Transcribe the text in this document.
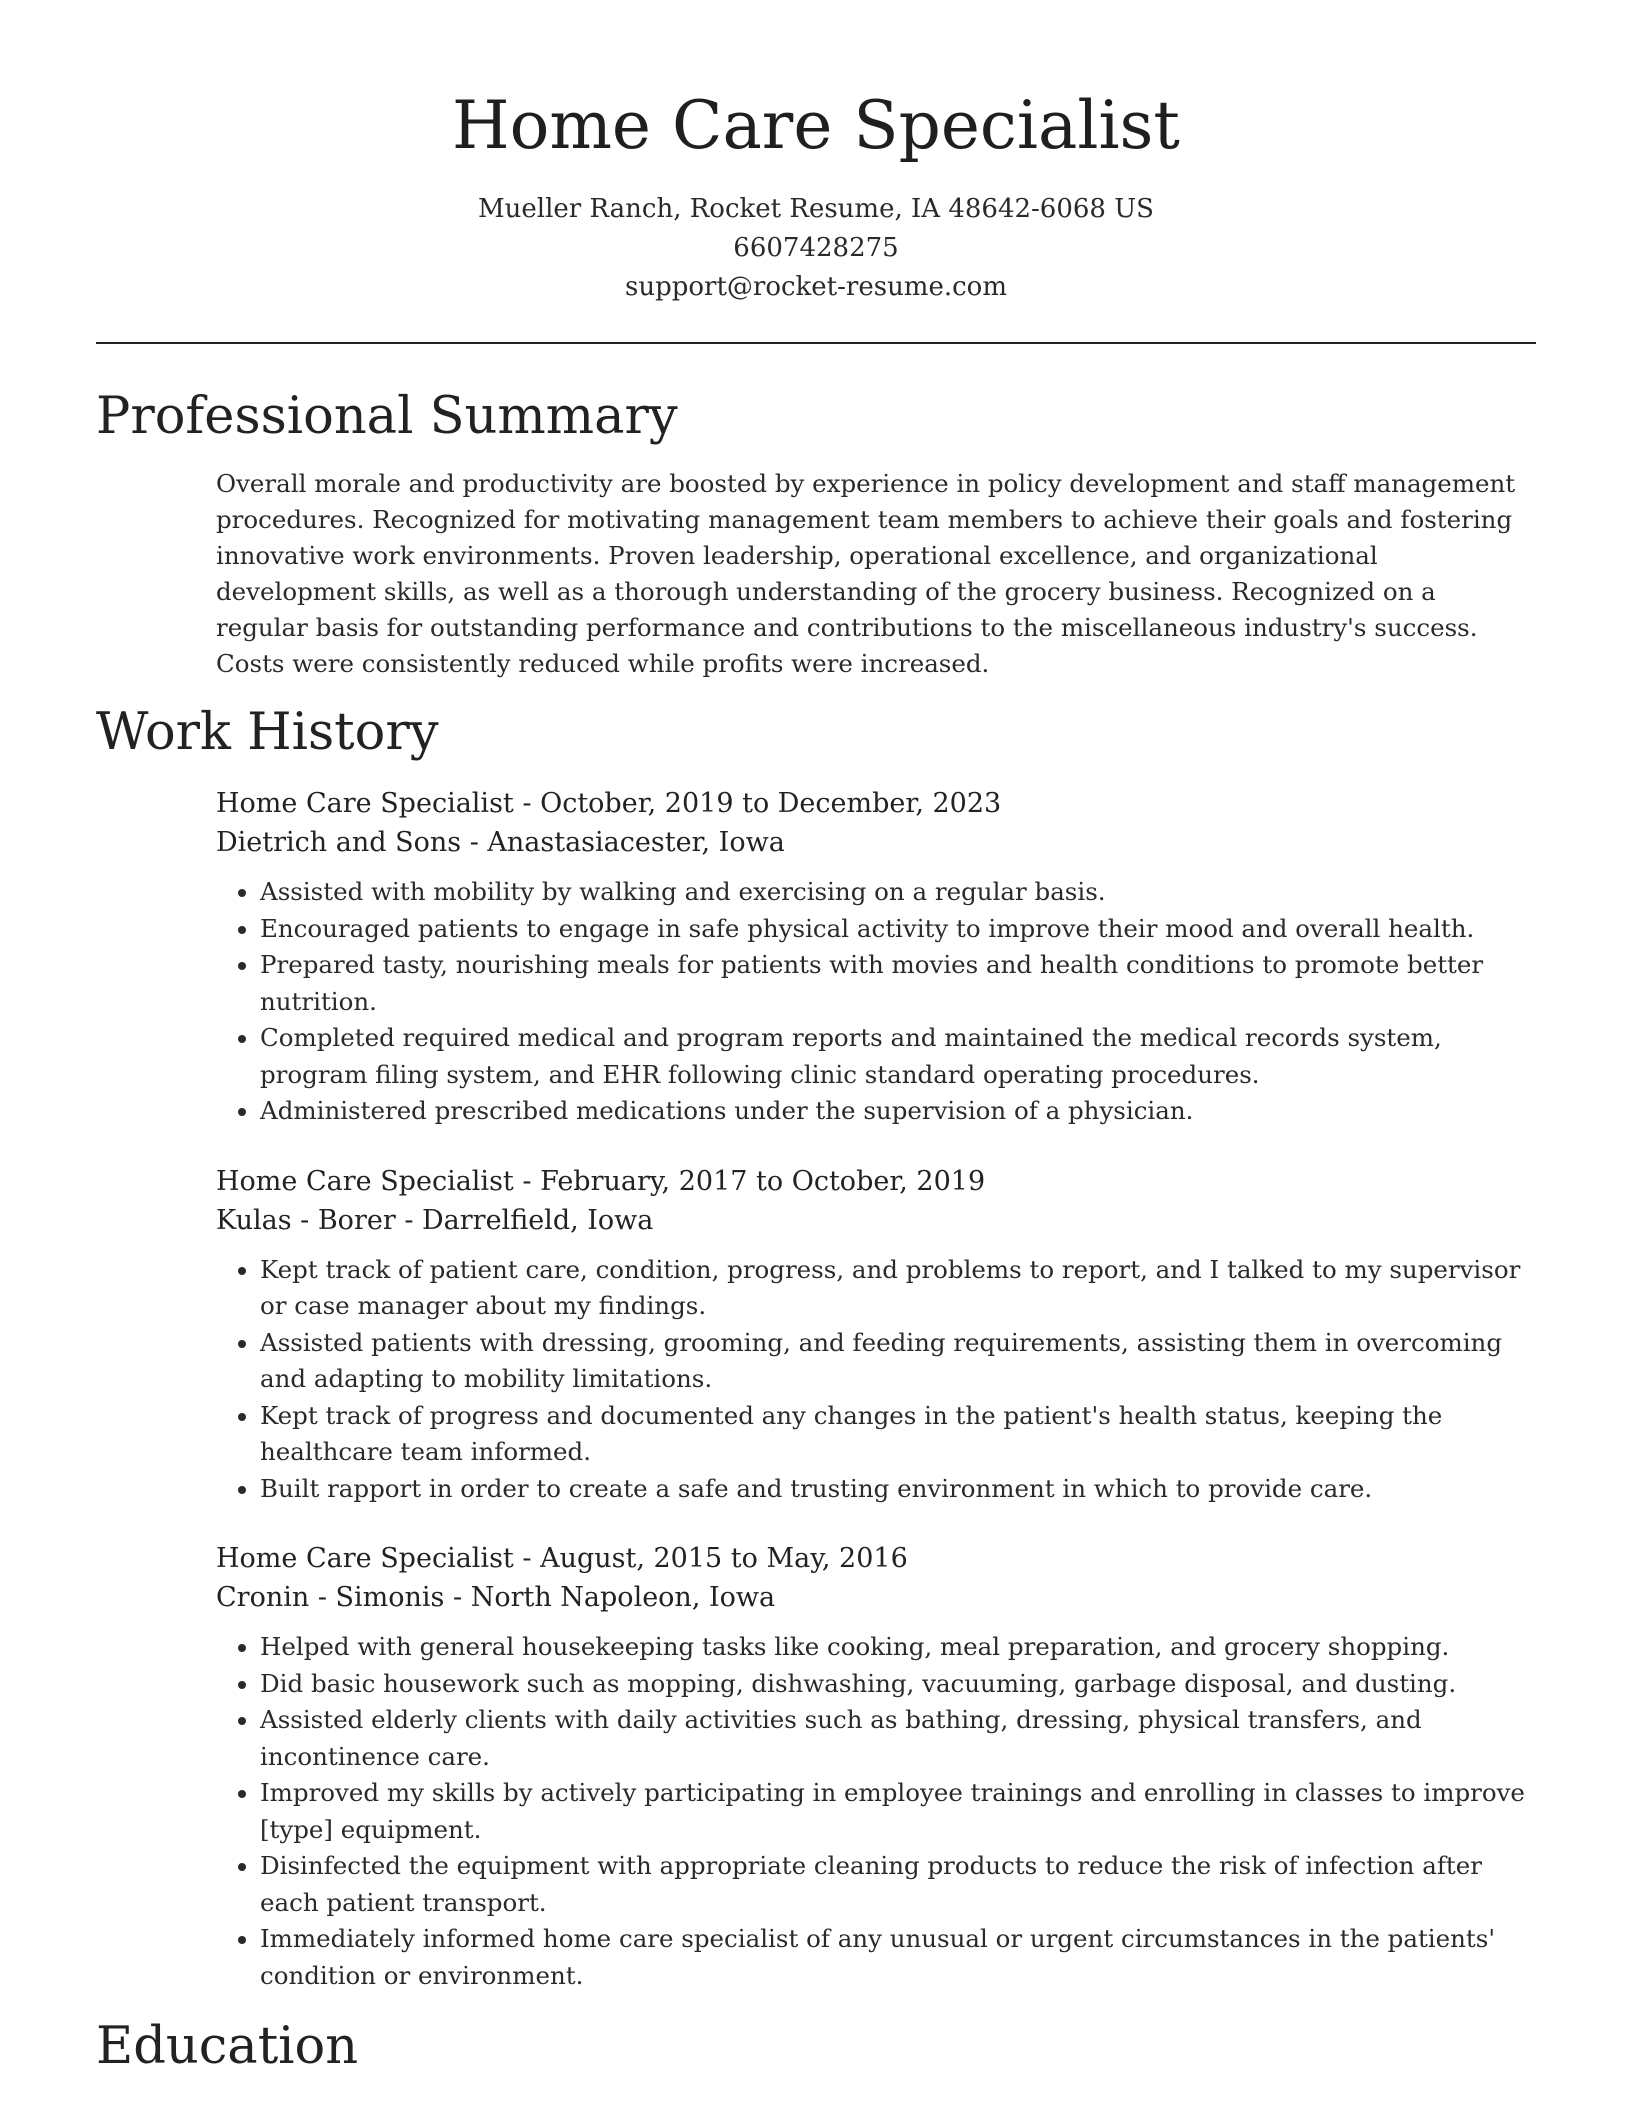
Home Care Specialist
Mueller Ranch, Rocket Resume, IA 48642-6068 US
6607428275
support@rocket-resume.com
Professional Summary

Overall morale and productivity are boosted by experience in policy development and staff management procedures. Recognized for motivating management team members to achieve their goals and fostering innovative work environments. Proven leadership, operational excellence, and organizational development skills, as well as a thorough understanding of the grocery business. Recognized on a regular basis for outstanding performance and contributions to the miscellaneous industry's success. Costs were consistently reduced while profits were increased.

Work History
Home Care Specialist - October, 2019 to December, 2023
Dietrich and Sons - Anastasiacester, Iowa
• Assisted with mobility by walking and exercising on a regular basis.
• Encouraged patients to engage in safe physical activity to improve their mood and overall health.
• Prepared tasty, nourishing meals for patients with movies and health conditions to promote better nutrition.
• Completed required medical and program reports and maintained the medical records system, program filing system, and EHR following clinic standard operating procedures.
• Administered prescribed medications under the supervision of a physician.
Home Care Specialist - February, 2017 to October, 2019
Kulas - Borer - Darrelfield, Iowa
• Kept track of patient care, condition, progress, and problems to report, and I talked to my supervisor or case manager about my findings.
• Assisted patients with dressing, grooming, and feeding requirements, assisting them in overcoming and adapting to mobility limitations.
• Kept track of progress and documented any changes in the patient's health status, keeping the healthcare team informed.
• Built rapport in order to create a safe and trusting environment in which to provide care.
Home Care Specialist - August, 2015 to May, 2016
Cronin - Simonis - North Napoleon, Iowa
• Helped with general housekeeping tasks like cooking, meal preparation, and grocery shopping.
• Did basic housework such as mopping, dishwashing, vacuuming, garbage disposal, and dusting.
• Assisted elderly clients with daily activities such as bathing, dressing, physical transfers, and incontinence care.
• Improved my skills by actively participating in employee trainings and enrolling in classes to improve [type] equipment.
• Disinfected the equipment with appropriate cleaning products to reduce the risk of infection after each patient transport.
• Immediately informed home care specialist of any unusual or urgent circumstances in the patients' condition or environment.
Education
